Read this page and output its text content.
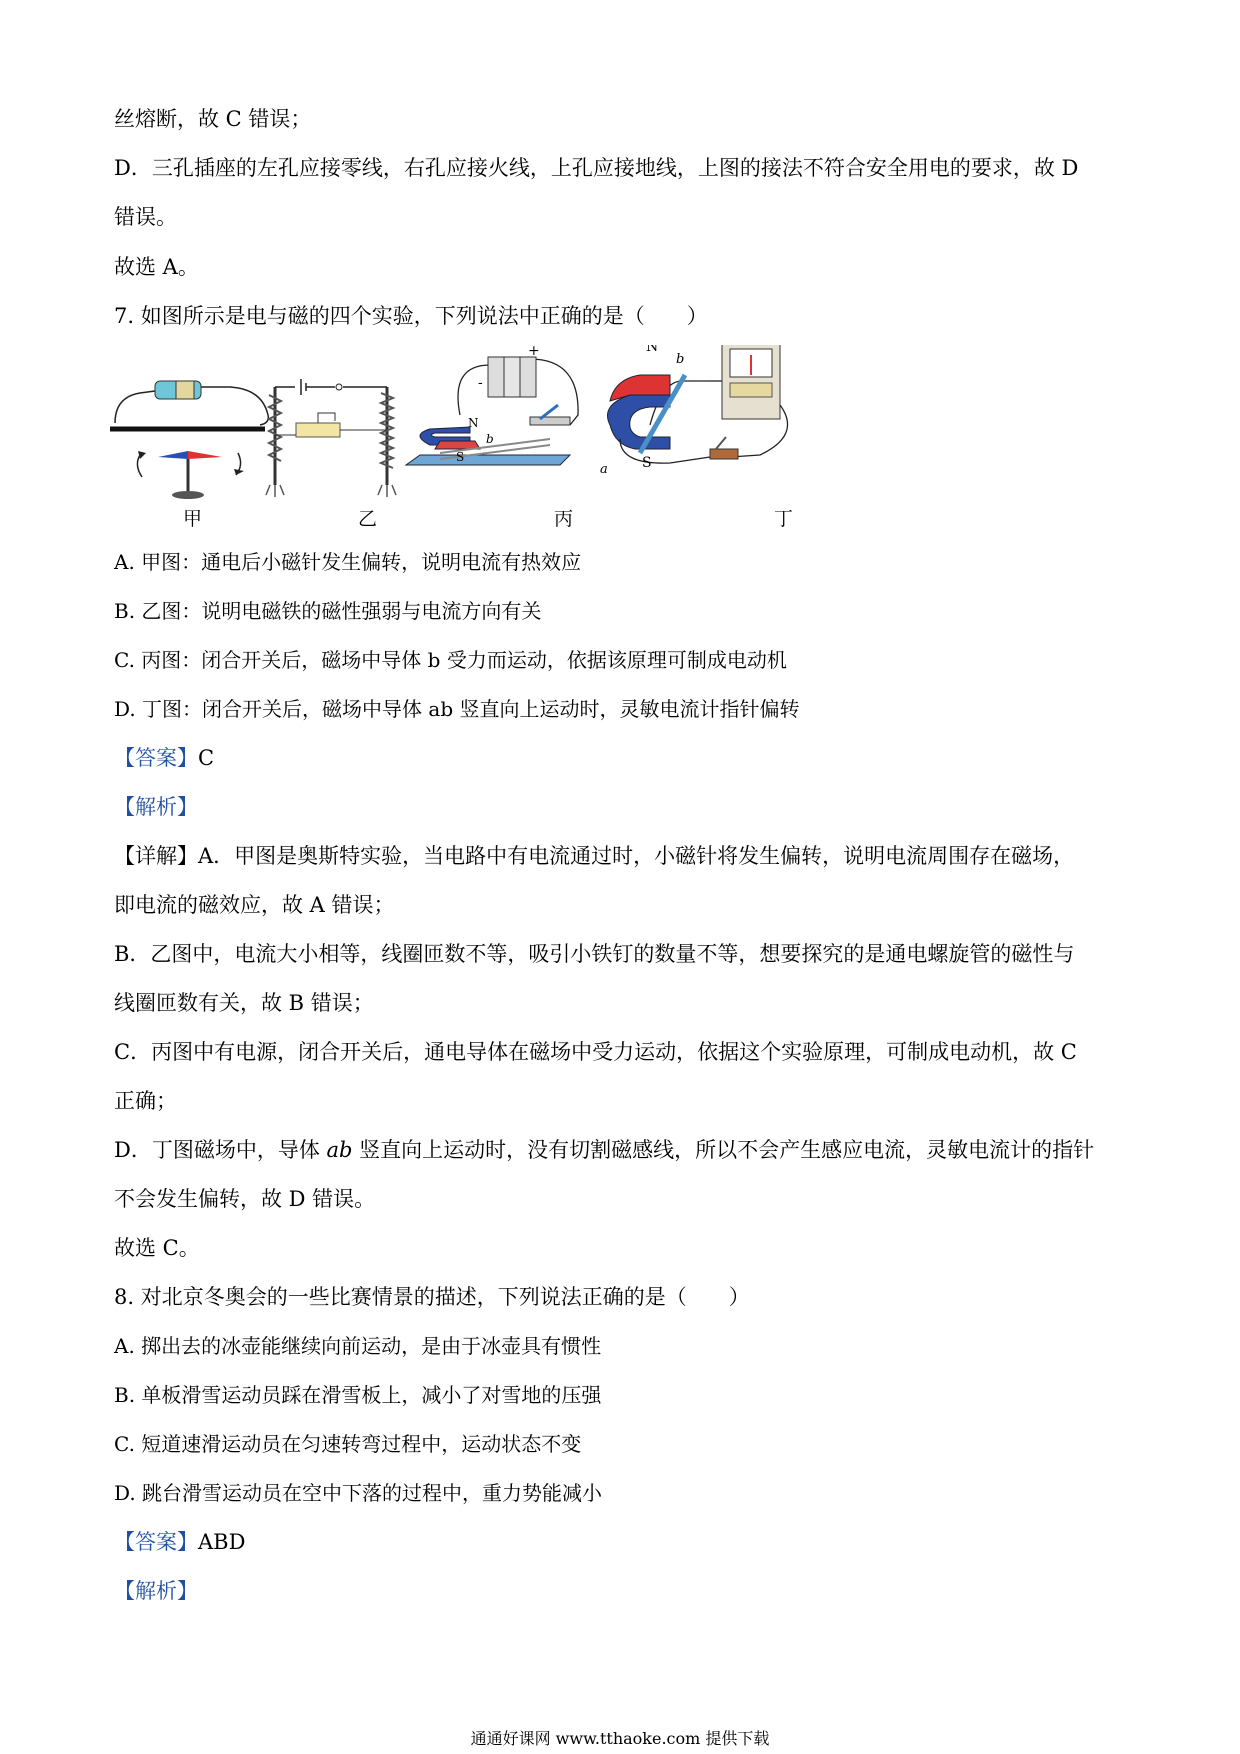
丝熔断，故 C 错误；
D．三孔插座的左孔应接零线，右孔应接火线，上孔应接地线，上图的接法不符合安全用电的要求，故 D
错误。
故选 A。
7. 如图所示是电与磁的四个实验，下列说法中正确的是（　　）
-
+
N
b
S
N
b
a S
甲	乙	丙	丁
A. 甲图：通电后小磁针发生偏转，说明电流有热效应
B. 乙图：说明电磁铁的磁性强弱与电流方向有关
C. 丙图：闭合开关后，磁场中导体 b 受力而运动，依据该原理可制成电动机
D. 丁图：闭合开关后，磁场中导体 ab 竖直向上运动时，灵敏电流计指针偏转
【答案】C
【解析】
【详解】A．甲图是奥斯特实验，当电路中有电流通过时，小磁针将发生偏转，说明电流周围存在磁场，
即电流的磁效应，故 A 错误；
B．乙图中，电流大小相等，线圈匝数不等，吸引小铁钉的数量不等，想要探究的是通电螺旋管的磁性与
线圈匝数有关，故 B 错误；
C．丙图中有电源，闭合开关后，通电导体在磁场中受力运动，依据这个实验原理，可制成电动机，故 C
正确；
D．丁图磁场中，导体 ab 竖直向上运动时，没有切割磁感线，所以不会产生感应电流，灵敏电流计的指针
不会发生偏转，故 D 错误。
故选 C。
8. 对北京冬奥会的一些比赛情景的描述，下列说法正确的是（　　）
A. 掷出去的冰壶能继续向前运动，是由于冰壶具有惯性
B. 单板滑雪运动员踩在滑雪板上，减小了对雪地的压强
C. 短道速滑运动员在匀速转弯过程中，运动状态不变
D. 跳台滑雪运动员在空中下落的过程中，重力势能减小
【答案】ABD
【解析】
通通好课网 www.tthaoke.com 提供下载
